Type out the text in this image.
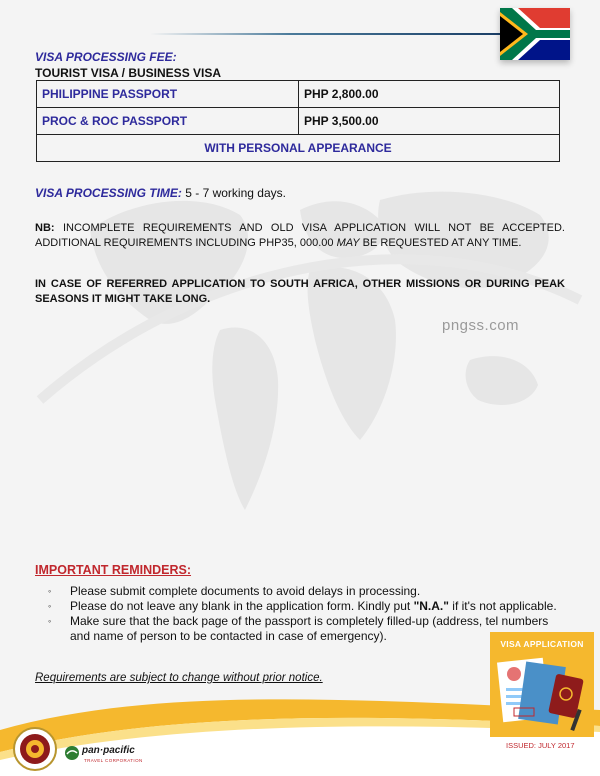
VISA PROCESSING FEE:
TOURIST VISA / BUSINESS VISA
PHILIPPINE PASSPORT	PHP 2,800.00
PROC & ROC PASSPORT	PHP 3,500.00
WITH PERSONAL APPEARANCE	
VISA PROCESSING TIME: 5 - 7 working days.
NB: INCOMPLETE REQUIREMENTS AND OLD VISA APPLICATION WILL NOT BE ACCEPTED. ADDITIONAL REQUIREMENTS INCLUDING PHP35, 000.00 MAY BE REQUESTED AT ANY TIME.
IN CASE OF REFERRED APPLICATION TO SOUTH AFRICA, OTHER MISSIONS OR DURING PEAK SEASONS IT MIGHT TAKE LONG.
IMPORTANT REMINDERS:
◦ Please submit complete documents to avoid delays in processing.
◦ Please do not leave any blank in the application form. Kindly put "N.A." if it's not applicable.
◦ Make sure that the back page of the passport is completely filled-up (address, tel numbers and name of person to be contacted in case of emergency).
Requirements are subject to change without prior notice.
pngss.com
VISA APPLICATION
ISSUED: JULY 2017
pan·pacific
TRAVEL CORPORATION
